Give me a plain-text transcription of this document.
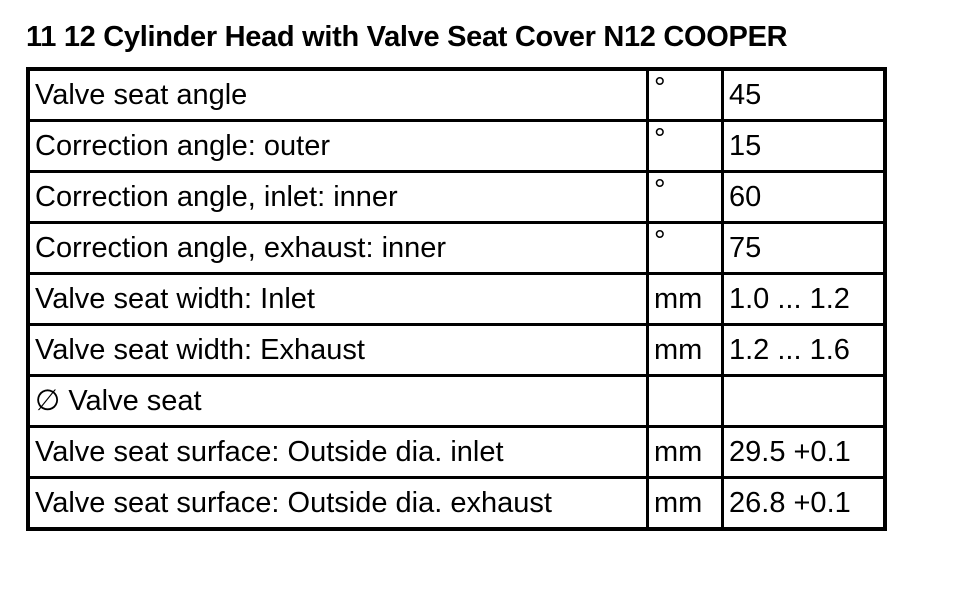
11 12 Cylinder Head with Valve Seat Cover N12 COOPER
Valve seat angle	°	45
Correction angle: outer	°	15
Correction angle, inlet: inner	°	60
Correction angle, exhaust: inner	°	75
Valve seat width: Inlet	mm	1.0 ... 1.2
Valve seat width: Exhaust	mm	1.2 ... 1.6
∅ Valve seat		
Valve seat surface: Outside dia. inlet	mm	29.5 +0.1
Valve seat surface: Outside dia. exhaust	mm	26.8 +0.1
